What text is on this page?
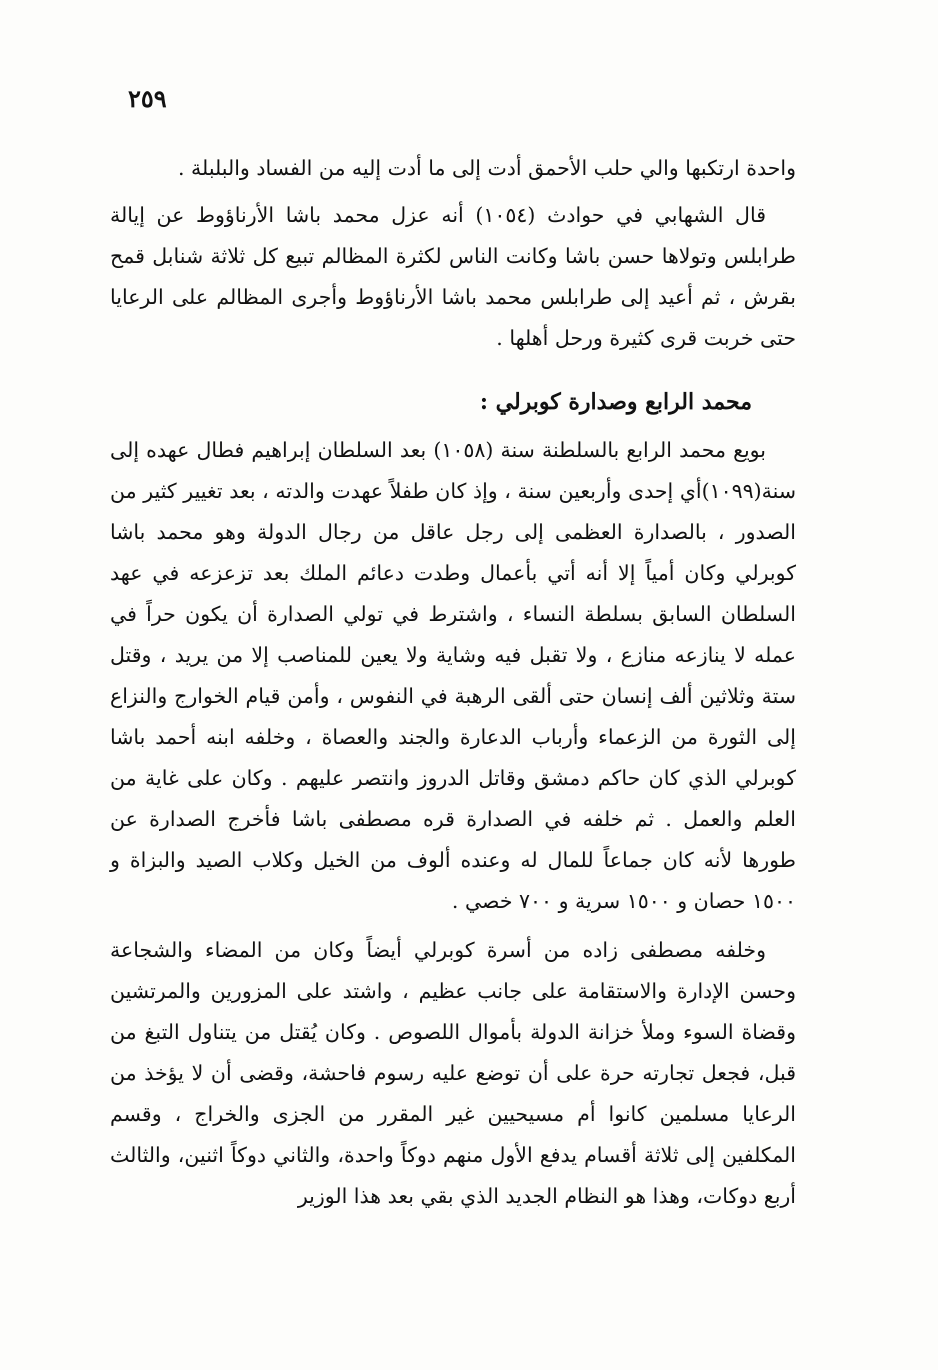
٢٥٩

واحدة ارتكبها والي حلب الأحمق أدت إلى ما أدت إليه من الفساد والبلبلة .

قال الشهابي في حوادث (١٠٥٤) أنه عزل محمد باشا الأرناؤوط عن إيالة طرابلس وتولاها حسن باشا وكانت الناس لكثرة المظالم تبيع كل ثلاثة شنابل قمح بقرش ، ثم أعيد إلى طرابلس محمد باشا الأرناؤوط وأجرى المظالم على الرعايا حتى خربت قرى كثيرة ورحل أهلها .

محمد الرابع وصدارة كوبرلي :

بويع محمد الرابع بالسلطنة سنة (١٠٥٨) بعد السلطان إبراهيم فطال عهده إلى سنة(١٠٩٩)أي إحدى وأربعين سنة ، وإذ كان طفلاً عهدت والدته ، بعد تغيير كثير من الصدور ، بالصدارة العظمى إلى رجل عاقل من رجال الدولة وهو محمد باشا كوبرلي وكان أمياً إلا أنه أتي بأعمال وطدت دعائم الملك بعد تزعزعه في عهد السلطان السابق بسلطة النساء ، واشترط في تولي الصدارة أن يكون حراً في عمله لا ينازعه منازع ، ولا تقبل فيه وشاية ولا يعين للمناصب إلا من يريد ، وقتل ستة وثلاثين ألف إنسان حتى ألقى الرهبة في النفوس ، وأمن قيام الخوارج والنزاع إلى الثورة من الزعماء وأرباب الدعارة والجند والعصاة ، وخلفه ابنه أحمد باشا كوبرلي الذي كان حاكم دمشق وقاتل الدروز وانتصر عليهم . وكان على غاية من العلم والعمل . ثم خلفه في الصدارة قره مصطفى باشا فأخرج الصدارة عن طورها لأنه كان جماعاً للمال له وعنده ألوف من الخيل وكلاب الصيد والبزاة و ١٥٠٠ حصان و ١٥٠٠ سرية و ٧٠٠ خصي .

وخلفه مصطفى زاده من أسرة كوبرلي أيضاً وكان من المضاء والشجاعة وحسن الإدارة والاستقامة على جانب عظيم ، واشتد على المزورين والمرتشين وقضاة السوء وملأ خزانة الدولة بأموال اللصوص . وكان يُقتل من يتناول التبغ من قبل، فجعل تجارته حرة على أن توضع عليه رسوم فاحشة، وقضى أن لا يؤخذ من الرعايا مسلمين كانوا أم مسيحيين غير المقرر من الجزى والخراج ، وقسم المكلفين إلى ثلاثة أقسام يدفع الأول منهم دوكاً واحدة، والثاني دوكاً اثنين، والثالث أربع دوكات، وهذا هو النظام الجديد الذي بقي بعد هذا الوزير
